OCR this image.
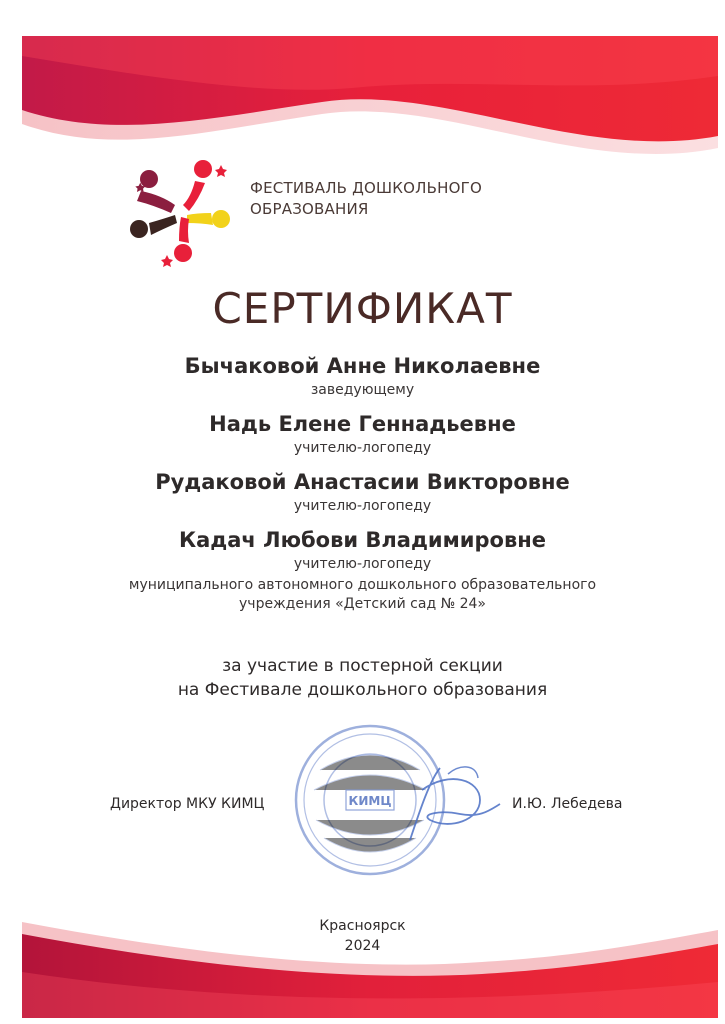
ФЕСТИВАЛЬ ДОШКОЛЬНОГО
ОБРАЗОВАНИЯ
СЕРТИФИКАТ
Бычаковой Анне Николаевне
заведующему
Надь Елене Геннадьевне
учителю-логопеду
Рудаковой Анастасии Викторовне
учителю-логопеду
Кадач Любови Владимировне
учителю-логопеду
муниципального автономного дошкольного образовательного
учреждения «Детский сад № 24»
за участие в постерной секции
на Фестивале дошкольного образования
Директор МКУ КИМЦ	КИМЦ	И.Ю. Лебедева
Красноярск
2024
